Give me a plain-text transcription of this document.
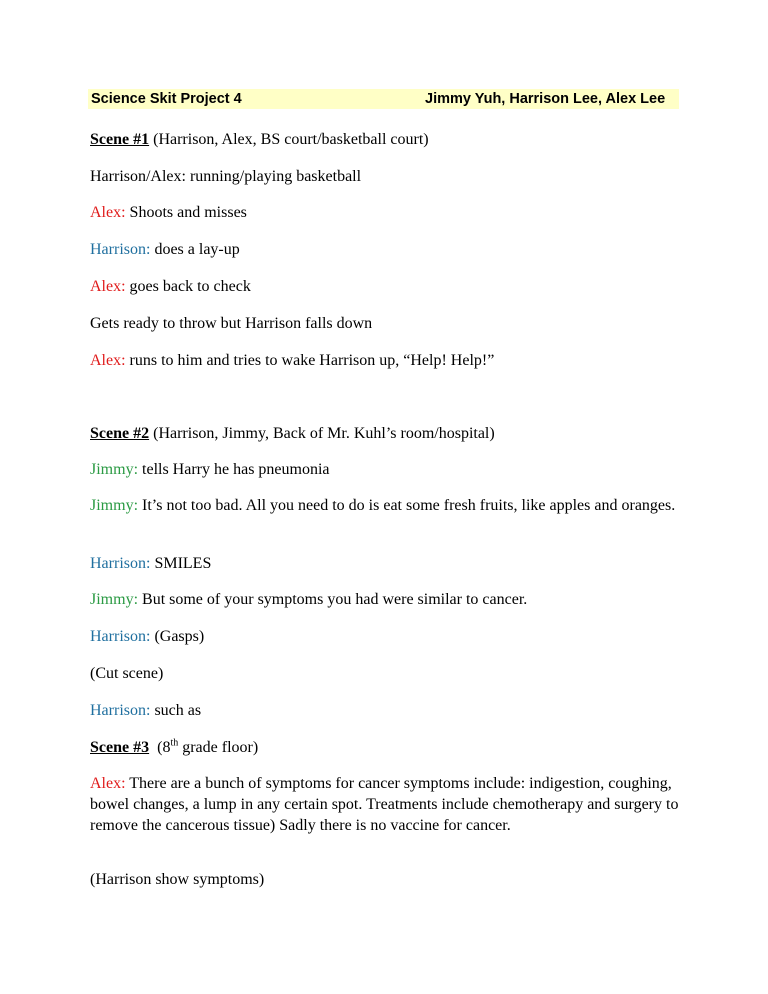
Science Skit Project 4	Jimmy Yuh, Harrison Lee, Alex Lee
Scene #1 (Harrison, Alex, BS court/basketball court)
Harrison/Alex: running/playing basketball
Alex: Shoots and misses
Harrison: does a lay-up
Alex: goes back to check
Gets ready to throw but Harrison falls down
Alex: runs to him and tries to wake Harrison up, “Help! Help!”
Scene #2 (Harrison, Jimmy, Back of Mr. Kuhl’s room/hospital)
Jimmy: tells Harry he has pneumonia
Jimmy: It’s not too bad. All you need to do is eat some fresh fruits, like apples and oranges.
Harrison: SMILES
Jimmy: But some of your symptoms you had were similar to cancer.
Harrison: (Gasps)
(Cut scene)
Harrison: such as
Scene #3  (8th grade floor)
Alex: There are a bunch of symptoms for cancer symptoms include: indigestion, coughing, bowel changes, a lump in any certain spot. Treatments include chemotherapy and surgery to remove the cancerous tissue) Sadly there is no vaccine for cancer.
(Harrison show symptoms)
